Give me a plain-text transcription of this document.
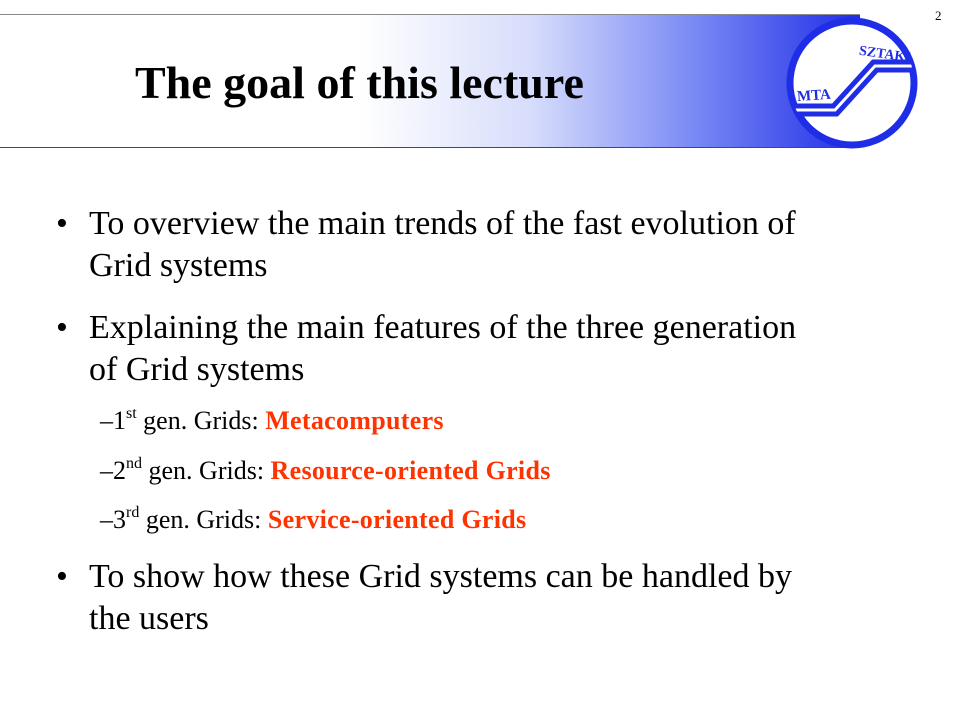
The goal of this lecture
2
MTA
SZTAKI
• To overview the main trends of the fast evolution of Grid systems
• Explaining the main features of the three generation of Grid systems
–1st gen. Grids: Metacomputers
–2nd gen. Grids: Resource-oriented Grids
–3rd gen. Grids: Service-oriented Grids
• To show how these Grid systems can be handled by the users
